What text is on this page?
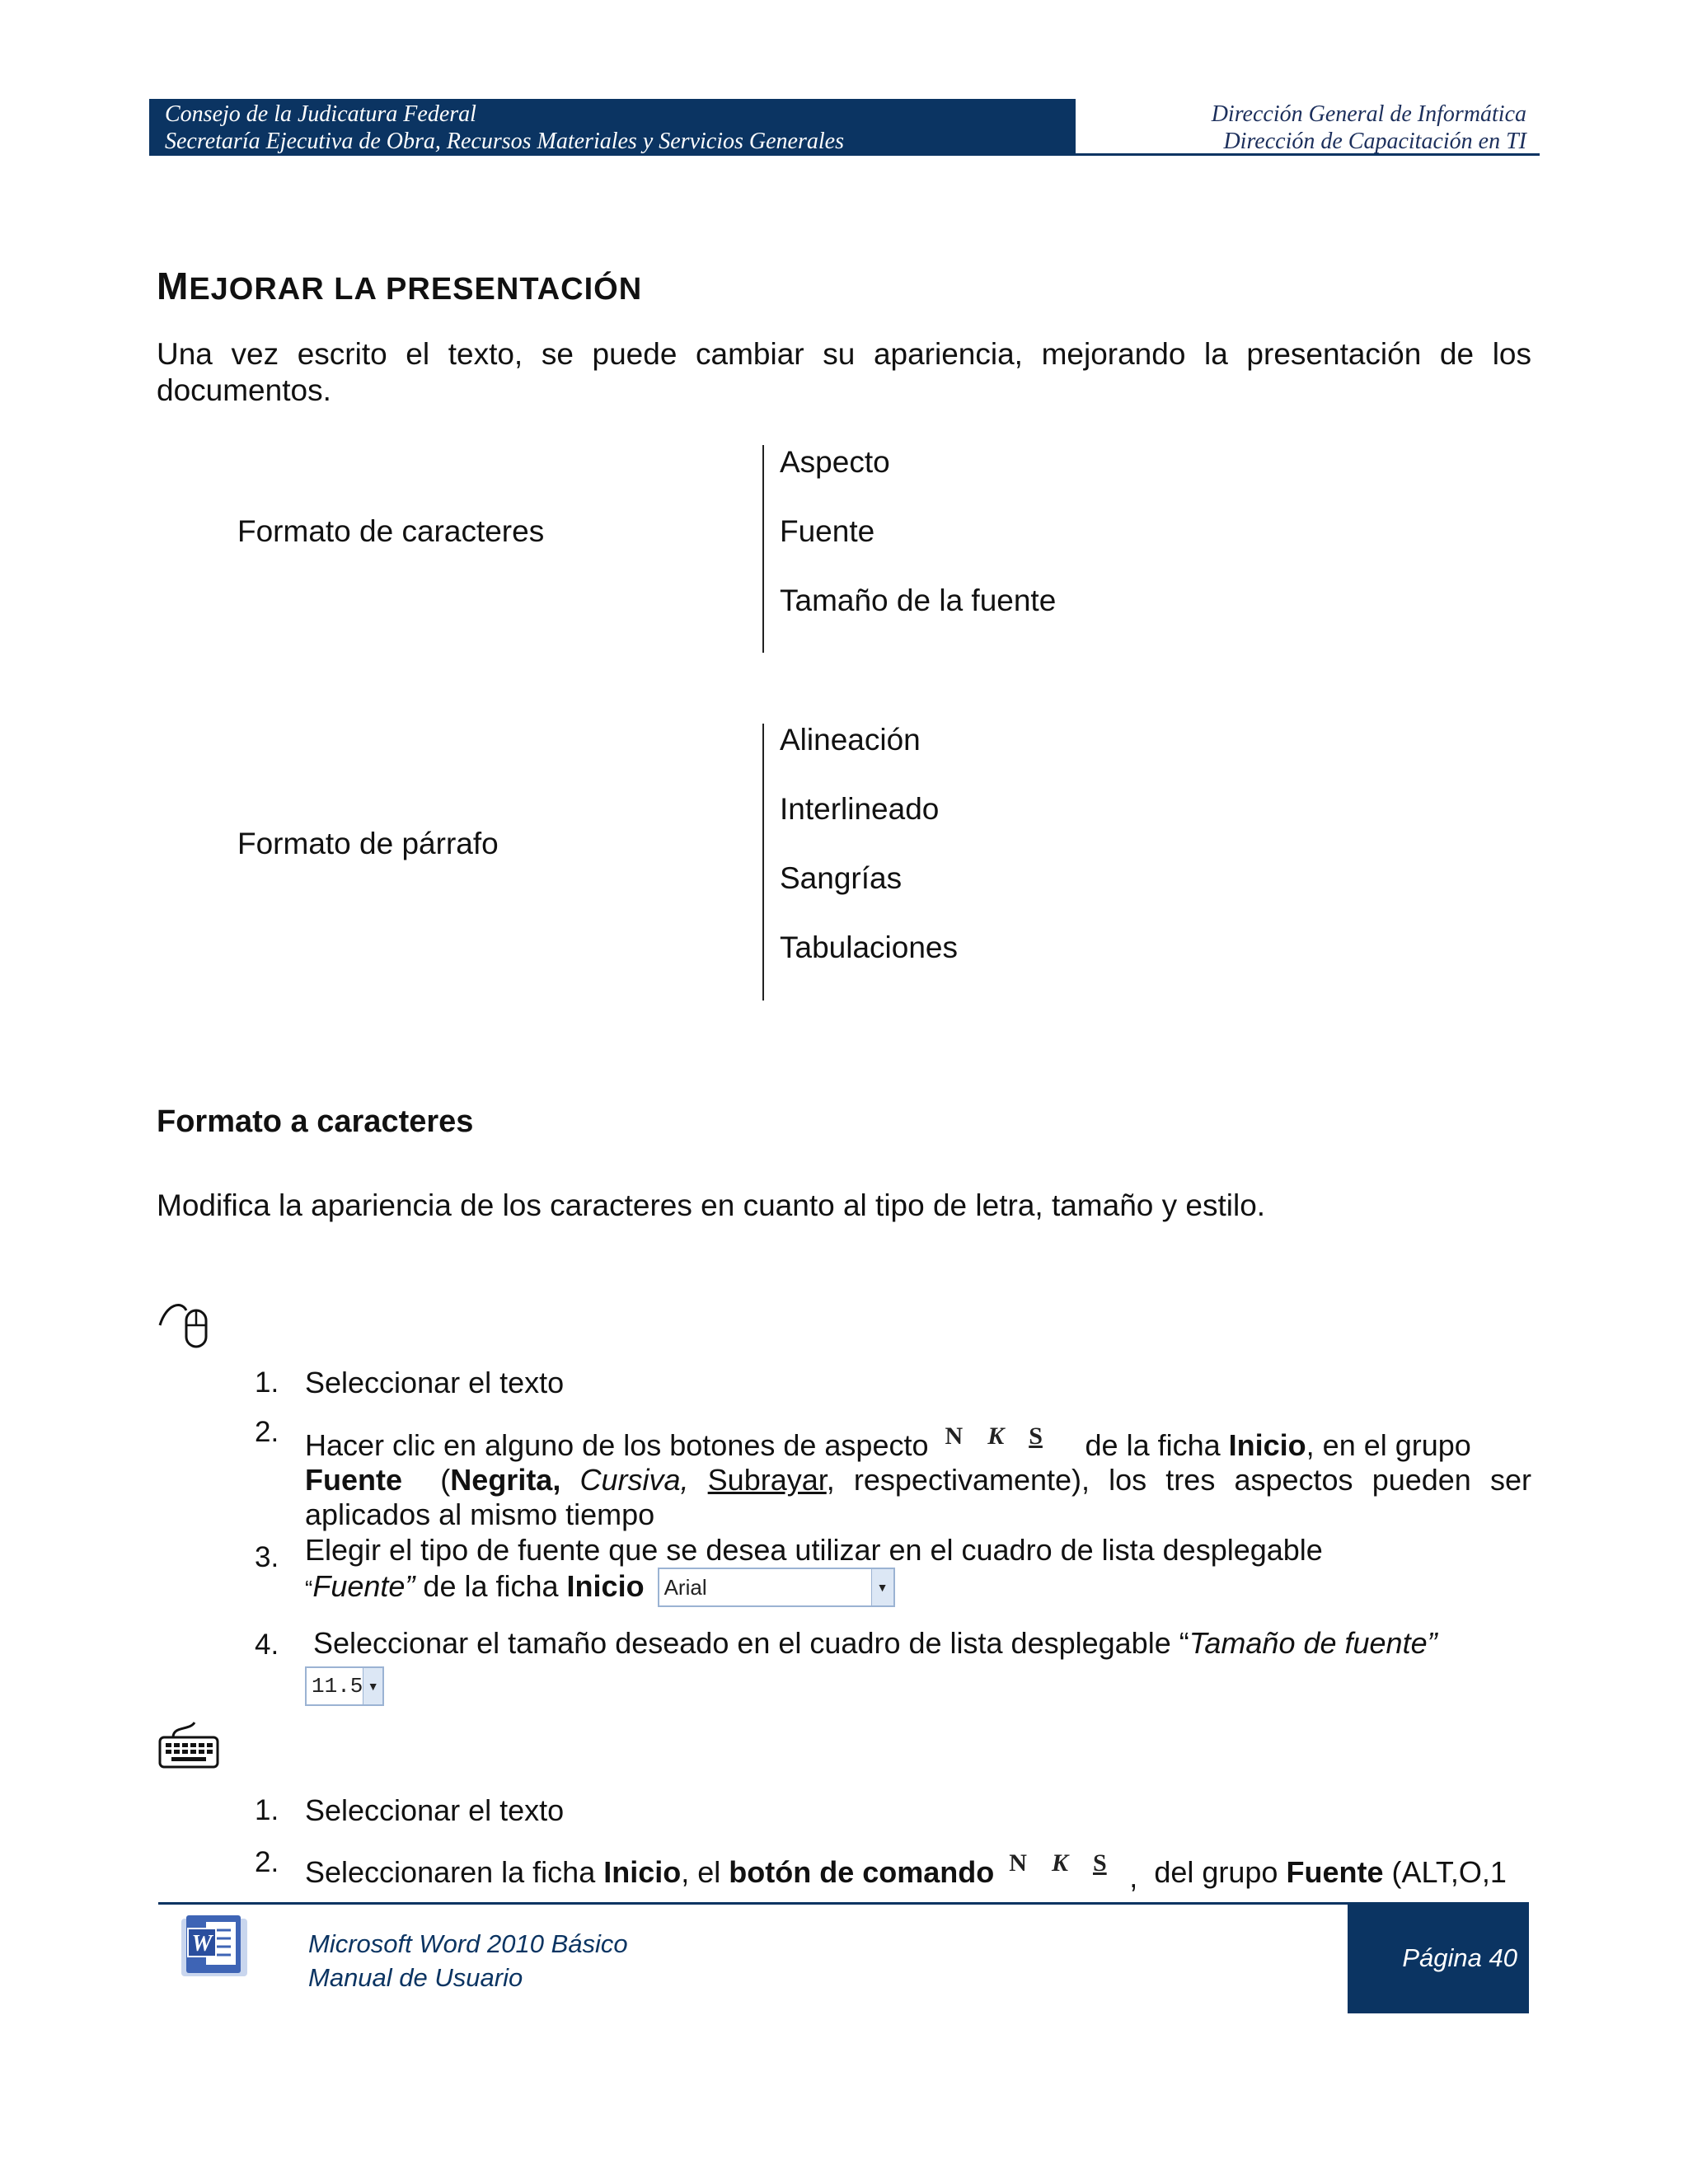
Consejo de la Judicatura Federal
Secretaría Ejecutiva de Obra, Recursos Materiales y Servicios Generales
Dirección General de Informática
Dirección de Capacitación en TI
MEJORAR LA PRESENTACIÓN
Una vez escrito el texto, se puede cambiar su apariencia, mejorando la presentación de los documentos.
Formato de caracteres
Aspecto
Fuente
Tamaño de la fuente
Formato de párrafo
Alineación
Interlineado
Sangrías
Tabulaciones
Formato a caracteres
Modifica la apariencia de los caracteres en cuanto al tipo de letra, tamaño y estilo.
1. Seleccionar el texto
2. Hacer clic en alguno de los botones de aspecto N K S de la ficha Inicio, en el grupo
Fuente (Negrita, Cursiva, Subrayar, respectivamente), los tres aspectos pueden ser aplicados al mismo tiempo
3. Elegir el tipo de fuente que se desea utilizar en el cuadro de lista desplegable
“Fuente” de la ficha Inicio Arial	▼
4. Seleccionar el tamaño deseado en el cuadro de lista desplegable “Tamaño de fuente”
11.5 ▼
1. Seleccionar el texto
2. Seleccionaren la ficha Inicio, el botón de comando N K S , del grupo Fuente (ALT,O,1
W	Microsoft Word 2010 Básico
Manual de Usuario
Página 40
